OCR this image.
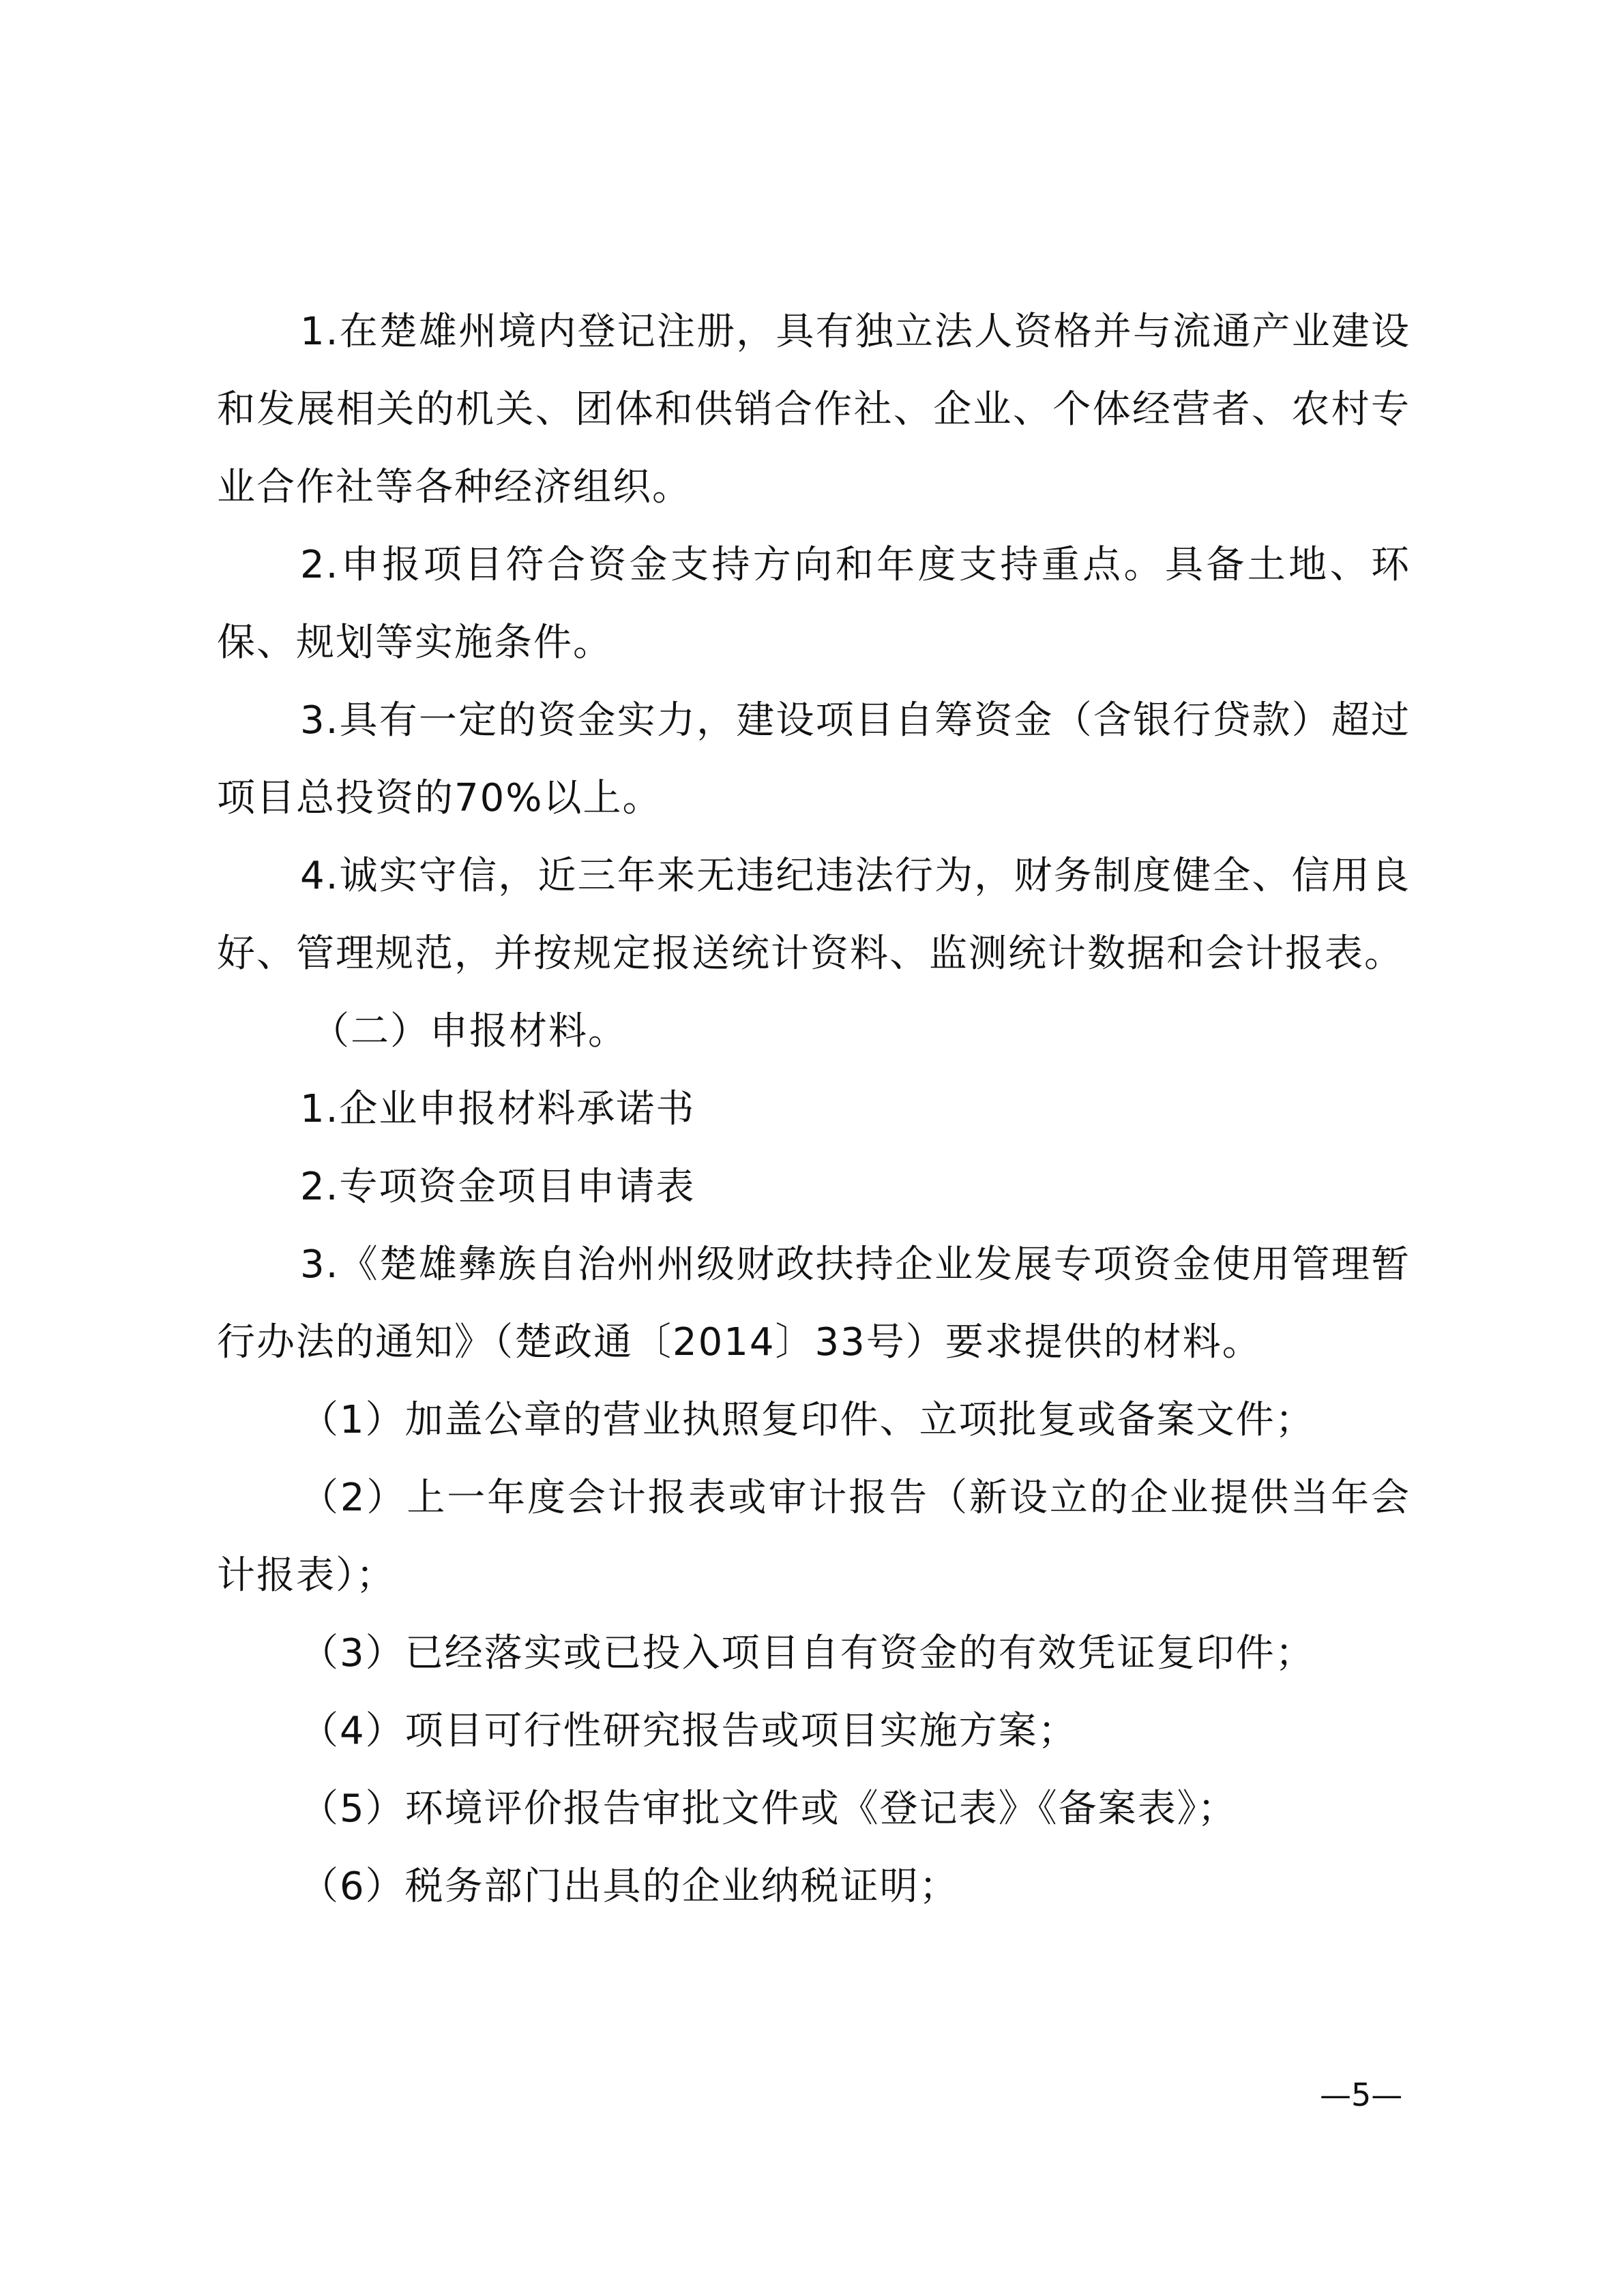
1.在楚雄州境内登记注册，具有独立法人资格并与流通产业建设和发展相关的机关、团体和供销合作社、企业、个体经营者、农村专业合作社等各种经济组织。

2.申报项目符合资金支持方向和年度支持重点。具备土地、环保、规划等实施条件。

3.具有一定的资金实力，建设项目自筹资金（含银行贷款）超过项目总投资的70%以上。

4.诚实守信，近三年来无违纪违法行为，财务制度健全、信用良好、管理规范，并按规定报送统计资料、监测统计数据和会计报表。

（二）申报材料。

1.企业申报材料承诺书

2.专项资金项目申请表

3.《楚雄彝族自治州州级财政扶持企业发展专项资金使用管理暂行办法的通知》（楚政通〔2014〕33号）要求提供的材料。

（1）加盖公章的营业执照复印件、立项批复或备案文件；

（2）上一年度会计报表或审计报告（新设立的企业提供当年会计报表）；

（3）已经落实或已投入项目自有资金的有效凭证复印件；

（4）项目可行性研究报告或项目实施方案；

（5）环境评价报告审批文件或《登记表》《备案表》；

（6）税务部门出具的企业纳税证明；

—5—
